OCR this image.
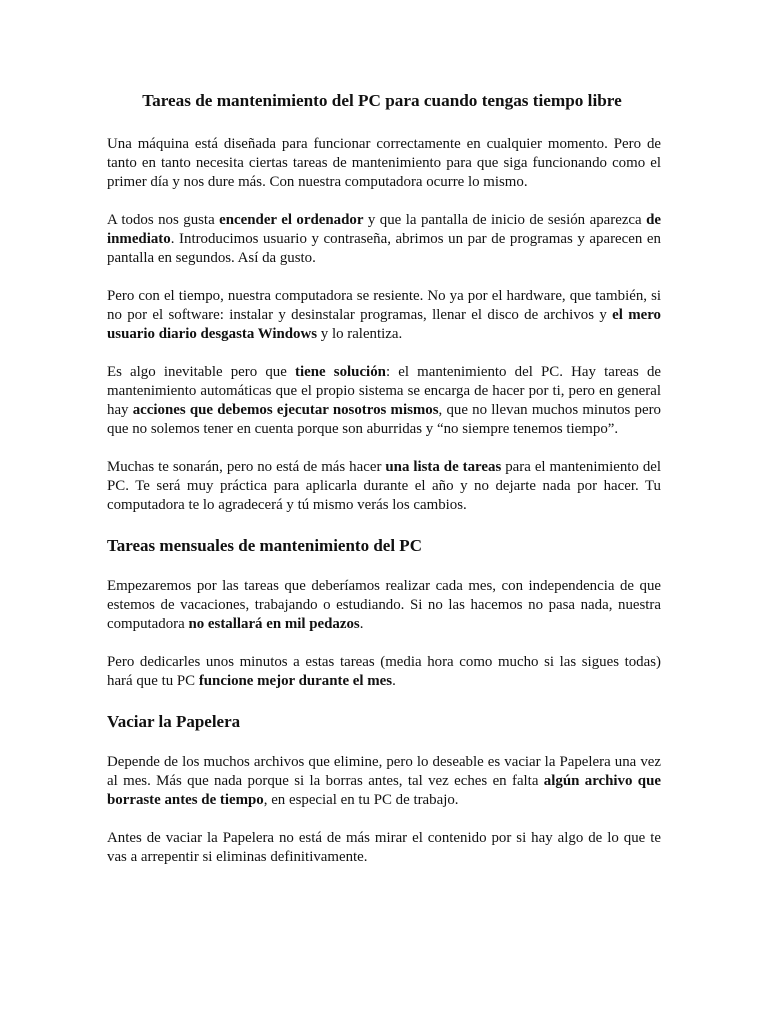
Tareas de mantenimiento del PC para cuando tengas tiempo libre

Una máquina está diseñada para funcionar correctamente en cualquier momento. Pero de tanto en tanto necesita ciertas tareas de mantenimiento para que siga funcionando como el primer día y nos dure más. Con nuestra computadora ocurre lo mismo.

A todos nos gusta encender el ordenador y que la pantalla de inicio de sesión aparezca de inmediato. Introducimos usuario y contraseña, abrimos un par de programas y aparecen en pantalla en segundos. Así da gusto.

Pero con el tiempo, nuestra computadora se resiente. No ya por el hardware, que también, si no por el software: instalar y desinstalar programas, llenar el disco de archivos y el mero usuario diario desgasta Windows y lo ralentiza.

Es algo inevitable pero que tiene solución: el mantenimiento del PC. Hay tareas de mantenimiento automáticas que el propio sistema se encarga de hacer por ti, pero en general hay acciones que debemos ejecutar nosotros mismos, que no llevan muchos minutos pero que no solemos tener en cuenta porque son aburridas y “no siempre tenemos tiempo”.

Muchas te sonarán, pero no está de más hacer una lista de tareas para el mantenimiento del PC. Te será muy práctica para aplicarla durante el año y no dejarte nada por hacer. Tu computadora te lo agradecerá y tú mismo verás los cambios.

Tareas mensuales de mantenimiento del PC

Empezaremos por las tareas que deberíamos realizar cada mes, con independencia de que estemos de vacaciones, trabajando o estudiando. Si no las hacemos no pasa nada, nuestra computadora no estallará en mil pedazos.

Pero dedicarles unos minutos a estas tareas (media hora como mucho si las sigues todas) hará que tu PC funcione mejor durante el mes.

Vaciar la Papelera

Depende de los muchos archivos que elimine, pero lo deseable es vaciar la Papelera una vez al mes. Más que nada porque si la borras antes, tal vez eches en falta algún archivo que borraste antes de tiempo, en especial en tu PC de trabajo.

Antes de vaciar la Papelera no está de más mirar el contenido por si hay algo de lo que te vas a arrepentir si eliminas definitivamente.
